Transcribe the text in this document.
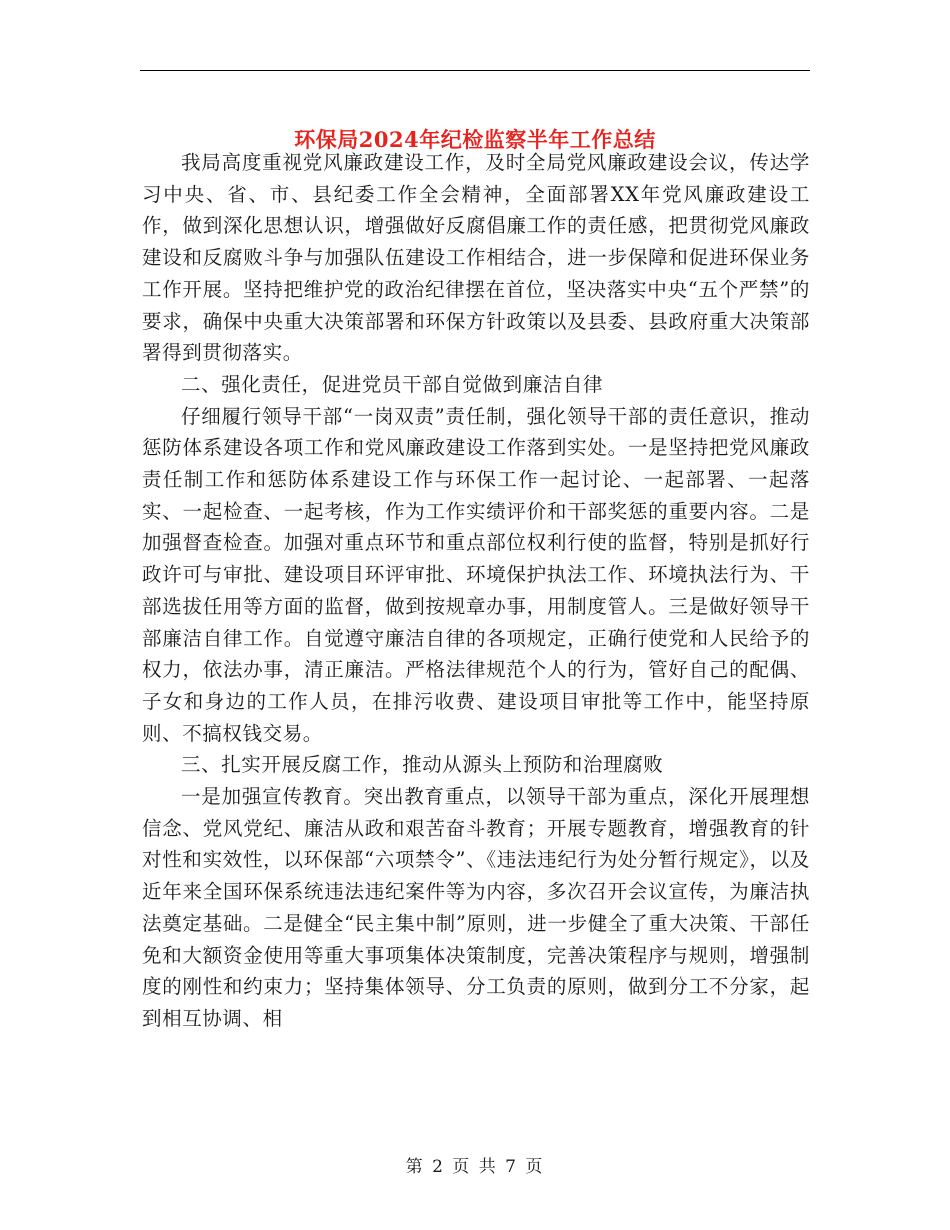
环保局2024年纪检监察半年工作总结

我局高度重视党风廉政建设工作，及时全局党风廉政建设会议，传达学习中央、省、市、县纪委工作全会精神，全面部署XX年党风廉政建设工作，做到深化思想认识，增强做好反腐倡廉工作的责任感，把贯彻党风廉政建设和反腐败斗争与加强队伍建设工作相结合，进一步保障和促进环保业务工作开展。坚持把维护党的政治纪律摆在首位，坚决落实中央“五个严禁”的要求，确保中央重大决策部署和环保方针政策以及县委、县政府重大决策部署得到贯彻落实。

二、强化责任，促进党员干部自觉做到廉洁自律

仔细履行领导干部“一岗双责”责任制，强化领导干部的责任意识，推动惩防体系建设各项工作和党风廉政建设工作落到实处。一是坚持把党风廉政责任制工作和惩防体系建设工作与环保工作一起讨论、一起部署、一起落实、一起检查、一起考核，作为工作实绩评价和干部奖惩的重要内容。二是加强督查检查。加强对重点环节和重点部位权利行使的监督，特别是抓好行政许可与审批、建设项目环评审批、环境保护执法工作、环境执法行为、干部选拔任用等方面的监督，做到按规章办事，用制度管人。三是做好领导干部廉洁自律工作。自觉遵守廉洁自律的各项规定，正确行使党和人民给予的权力，依法办事，清正廉洁。严格法律规范个人的行为，管好自己的配偶、子女和身边的工作人员，在排污收费、建设项目审批等工作中，能坚持原则、不搞权钱交易。

三、扎实开展反腐工作，推动从源头上预防和治理腐败

一是加强宣传教育。突出教育重点，以领导干部为重点，深化开展理想信念、党风党纪、廉洁从政和艰苦奋斗教育；开展专题教育，增强教育的针对性和实效性，以环保部“六项禁令”、《违法违纪行为处分暂行规定》，以及近年来全国环保系统违法违纪案件等为内容，多次召开会议宣传，为廉洁执法奠定基础。二是健全“民主集中制”原则，进一步健全了重大决策、干部任免和大额资金使用等重大事项集体决策制度，完善决策程序与规则，增强制度的刚性和约束力；坚持集体领导、分工负责的原则，做到分工不分家，起到相互协调、相

第 2 页 共 7 页
